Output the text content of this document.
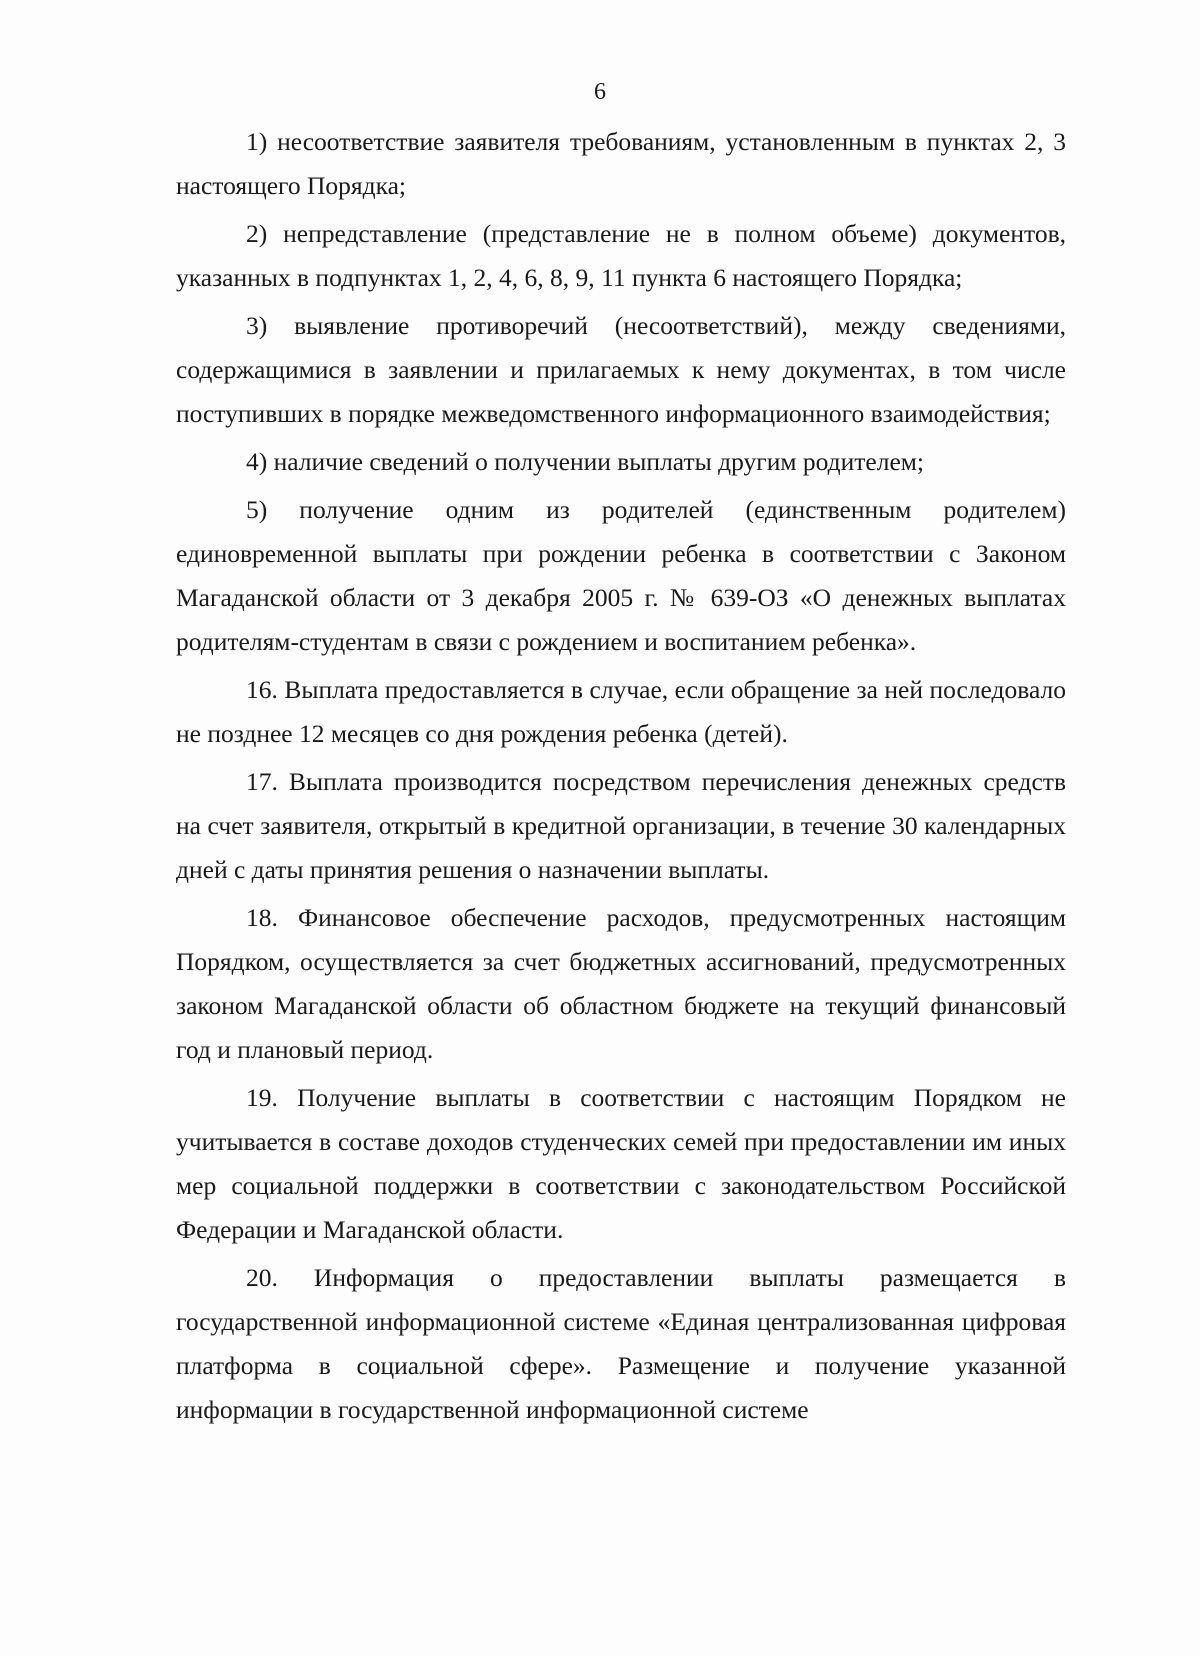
6

1) несоответствие заявителя требованиям, установленным в пунктах 2, 3 настоящего Порядка;

2) непредставление (представление не в полном объеме) документов, указанных в подпунктах 1, 2, 4, 6, 8, 9, 11 пункта 6 настоящего Порядка;

3) выявление противоречий (несоответствий), между сведениями, содержащимися в заявлении и прилагаемых к нему документах, в том числе поступивших в порядке межведомственного информационного взаимодействия;

4) наличие сведений о получении выплаты другим родителем;

5) получение одним из родителей (единственным родителем) единовременной выплаты при рождении ребенка в соответствии с Законом Магаданской области от 3 декабря 2005 г. № 639-ОЗ «О денежных выплатах родителям-студентам в связи с рождением и воспитанием ребенка».

16. Выплата предоставляется в случае, если обращение за ней последовало не позднее 12 месяцев со дня рождения ребенка (детей).

17. Выплата производится посредством перечисления денежных средств на счет заявителя, открытый в кредитной организации, в течение 30 календарных дней с даты принятия решения о назначении выплаты.

18. Финансовое обеспечение расходов, предусмотренных настоящим Порядком, осуществляется за счет бюджетных ассигнований, предусмотренных законом Магаданской области об областном бюджете на текущий финансовый год и плановый период.

19. Получение выплаты в соответствии с настоящим Порядком не учитывается в составе доходов студенческих семей при предоставлении им иных мер социальной поддержки в соответствии с законодательством Российской Федерации и Магаданской области.

20. Информация о предоставлении выплаты размещается в государственной информационной системе «Единая централизованная цифровая платформа в социальной сфере». Размещение и получение указанной информации в государственной информационной системе
